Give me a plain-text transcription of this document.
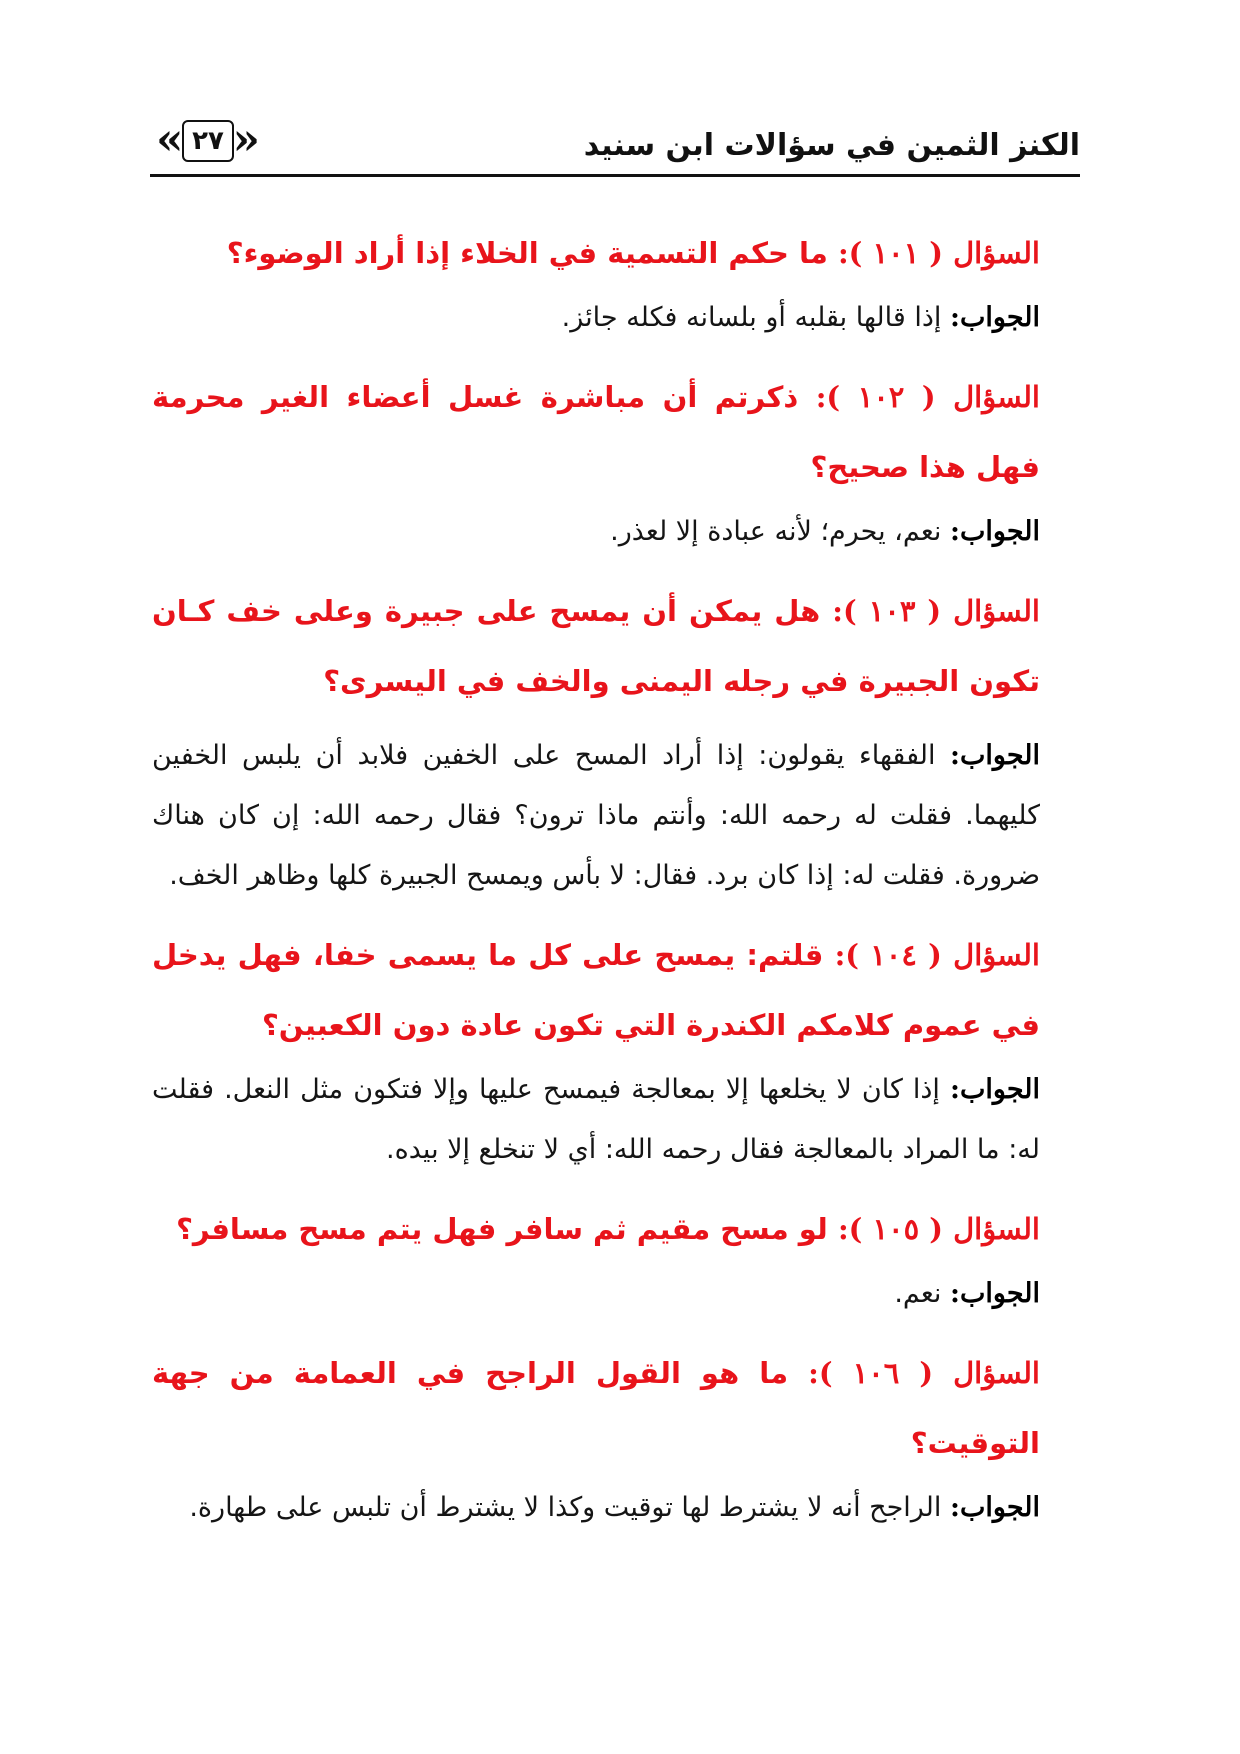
الكنز الثمين في سؤالات ابن سنيد
« ٢٧ »

السؤال ( ١٠١ ): ما حكم التسمية في الخلاء إذا أراد الوضوء؟

الجواب: إذا قالها بقلبه أو بلسانه فكله جائز.

السؤال ( ١٠٢ ): ذكرتم أن مباشرة غسل أعضاء الغير محرمة فهل هذا صحيح؟

الجواب: نعم، يحرم؛ لأنه عبادة إلا لعذر.

السؤال ( ١٠٣ ): هل يمكن أن يمسح على جبيرة وعلى خف كـان تكون الجبيرة في رجله اليمنى والخف في اليسرى؟

الجواب: الفقهاء يقولون: إذا أراد المسح على الخفين فلابد أن يلبس الخفين كليهما. فقلت له رحمه الله: وأنتم ماذا ترون؟ فقال رحمه الله: إن كان هناك ضرورة. فقلت له: إذا كان برد. فقال: لا بأس ويمسح الجبيرة كلها وظاهر الخف.

السؤال ( ١٠٤ ): قلتم: يمسح على كل ما يسمى خفا، فهل يدخل في عموم كلامكم الكندرة التي تكون عادة دون الكعبين؟

الجواب: إذا كان لا يخلعها إلا بمعالجة فيمسح عليها وإلا فتكون مثل النعل. فقلت له: ما المراد بالمعالجة فقال رحمه الله: أي لا تنخلع إلا بيده.

السؤال ( ١٠٥ ): لو مسح مقيم ثم سافر فهل يتم مسح مسافر؟

الجواب: نعم.

السؤال ( ١٠٦ ): ما هو القول الراجح في العمامة من جهة التوقيت؟

الجواب: الراجح أنه لا يشترط لها توقيت وكذا لا يشترط أن تلبس على طهارة.
